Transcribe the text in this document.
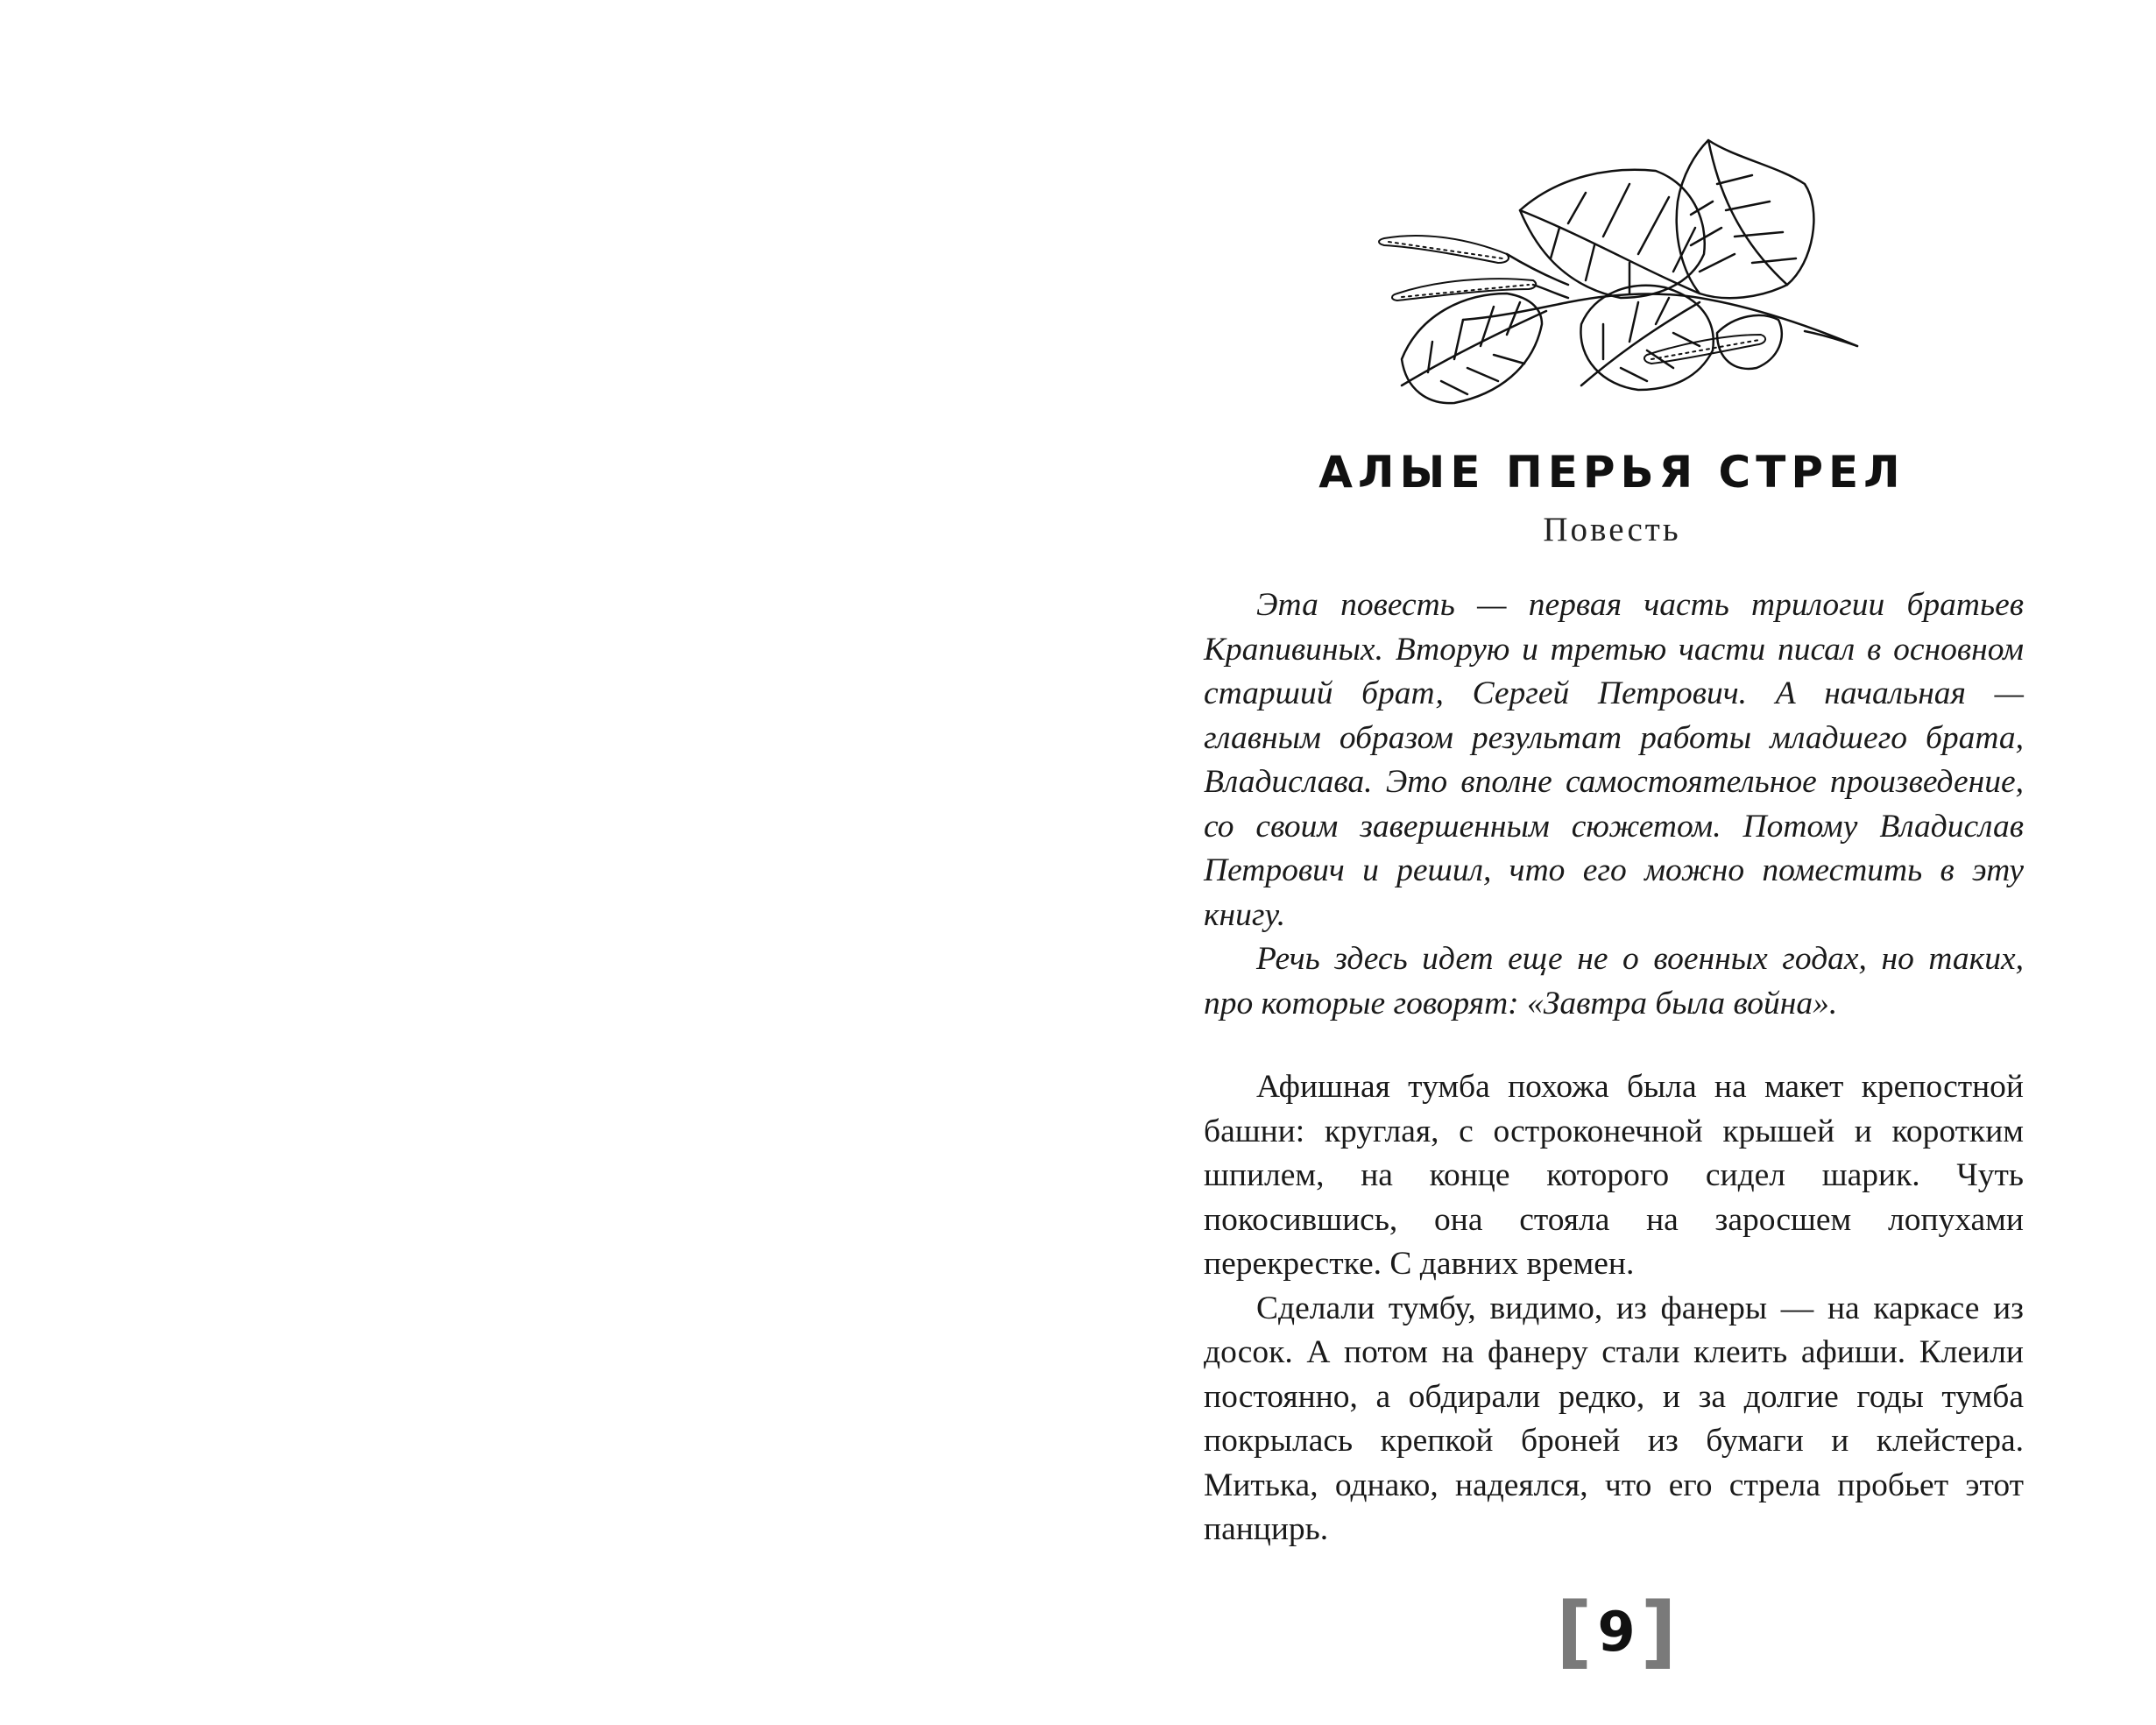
АЛЫЕ ПЕРЬЯ СТРЕЛ
Повесть

Эта повесть — первая часть трилогии братьев Крапивиных. Вторую и третью части писал в основном старший брат, Сергей Петрович. А начальная — главным образом результат работы младшего брата, Владислава. Это вполне самостоятельное произведение, со своим завершенным сюжетом. Потому Владислав Петрович и решил, что его можно поместить в эту книгу.

Речь здесь идет еще не о военных годах, но таких, про которые говорят: «Завтра была война».

Афишная тумба похожа была на макет крепостной башни: круглая, с остроконечной крышей и коротким шпилем, на конце которого сидел шарик. Чуть покосившись, она стояла на заросшем лопухами перекрестке. С давних времен.

Сделали тумбу, видимо, из фанеры — на каркасе из досок. А потом на фанеру стали клеить афиши. Клеили постоянно, а обдирали редко, и за долгие годы тумба покрылась крепкой броней из бумаги и клейстера. Митька, однако, надеялся, что его стрела пробьет этот панцирь.

[ 9 ]
